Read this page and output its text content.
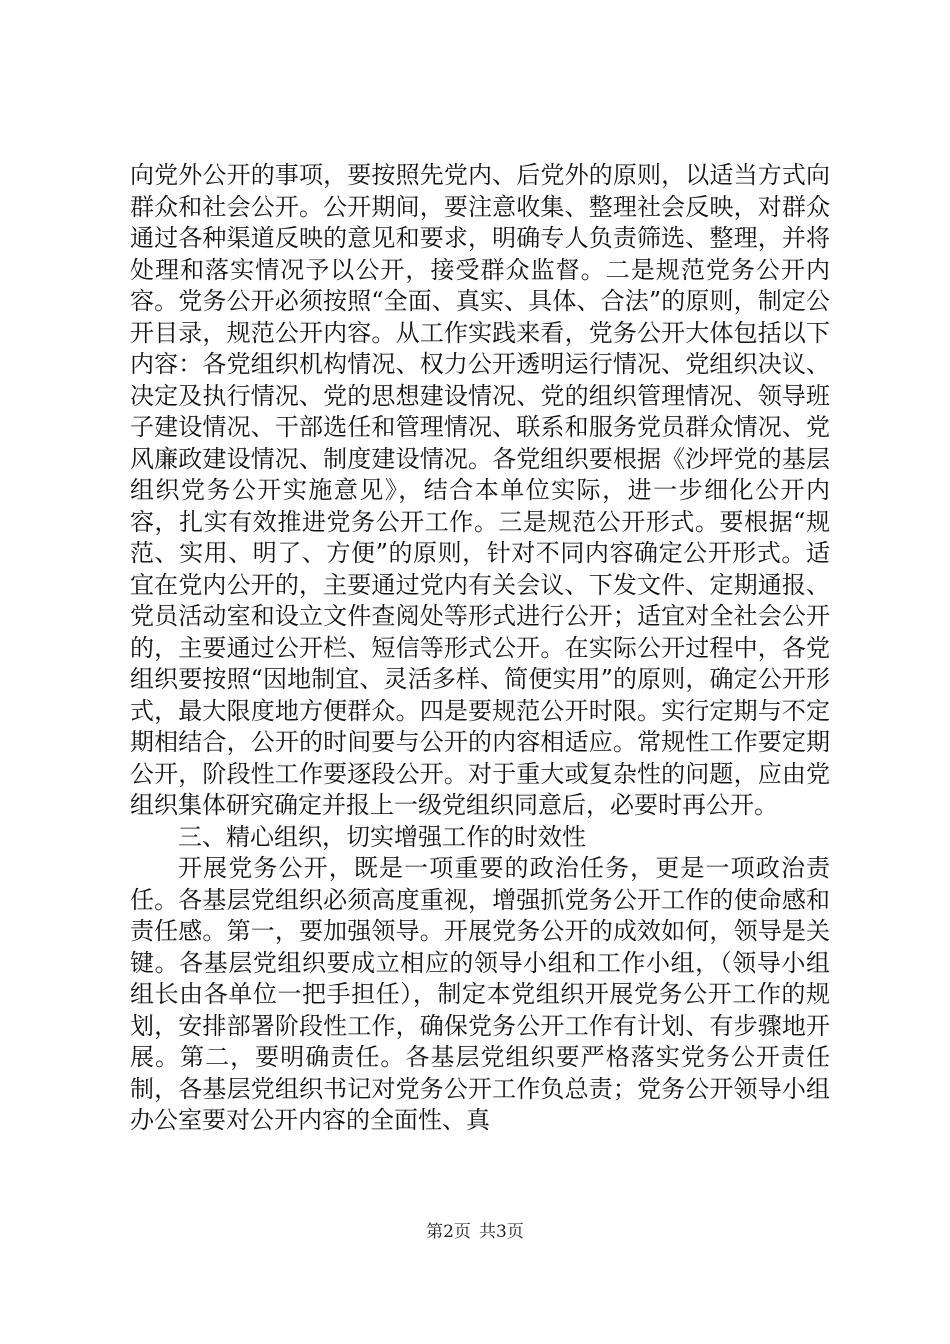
向党外公开的事项，要按照先党内、后党外的原则，以适当方式向群众和社会公开。公开期间，要注意收集、整理社会反映，对群众通过各种渠道反映的意见和要求，明确专人负责筛选、整理，并将处理和落实情况予以公开，接受群众监督。二是规范党务公开内容。党务公开必须按照“全面、真实、具体、合法”的原则，制定公开目录，规范公开内容。从工作实践来看，党务公开大体包括以下内容：各党组织机构情况、权力公开透明运行情况、党组织决议、决定及执行情况、党的思想建设情况、党的组织管理情况、领导班子建设情况、干部选任和管理情况、联系和服务党员群众情况、党风廉政建设情况、制度建设情况。各党组织要根据《沙坪党的基层组织党务公开实施意见》，结合本单位实际，进一步细化公开内容，扎实有效推进党务公开工作。三是规范公开形式。要根据“规范、实用、明了、方便”的原则，针对不同内容确定公开形式。适宜在党内公开的，主要通过党内有关会议、下发文件、定期通报、党员活动室和设立文件查阅处等形式进行公开；适宜对全社会公开的，主要通过公开栏、短信等形式公开。在实际公开过程中，各党组织要按照“因地制宜、灵活多样、简便实用”的原则，确定公开形式，最大限度地方便群众。四是要规范公开时限。实行定期与不定期相结合，公开的时间要与公开的内容相适应。常规性工作要定期公开，阶段性工作要逐段公开。对于重大或复杂性的问题，应由党组织集体研究确定并报上一级党组织同意后，必要时再公开。

三、精心组织，切实增强工作的时效性

开展党务公开，既是一项重要的政治任务，更是一项政治责任。各基层党组织必须高度重视，增强抓党务公开工作的使命感和责任感。第一，要加强领导。开展党务公开的成效如何，领导是关键。各基层党组织要成立相应的领导小组和工作小组，（领导小组组长由各单位一把手担任），制定本党组织开展党务公开工作的规划，安排部署阶段性工作，确保党务公开工作有计划、有步骤地开展。第二，要明确责任。各基层党组织要严格落实党务公开责任制，各基层党组织书记对党务公开工作负总责；党务公开领导小组办公室要对公开内容的全面性、真

第2页 共3页
